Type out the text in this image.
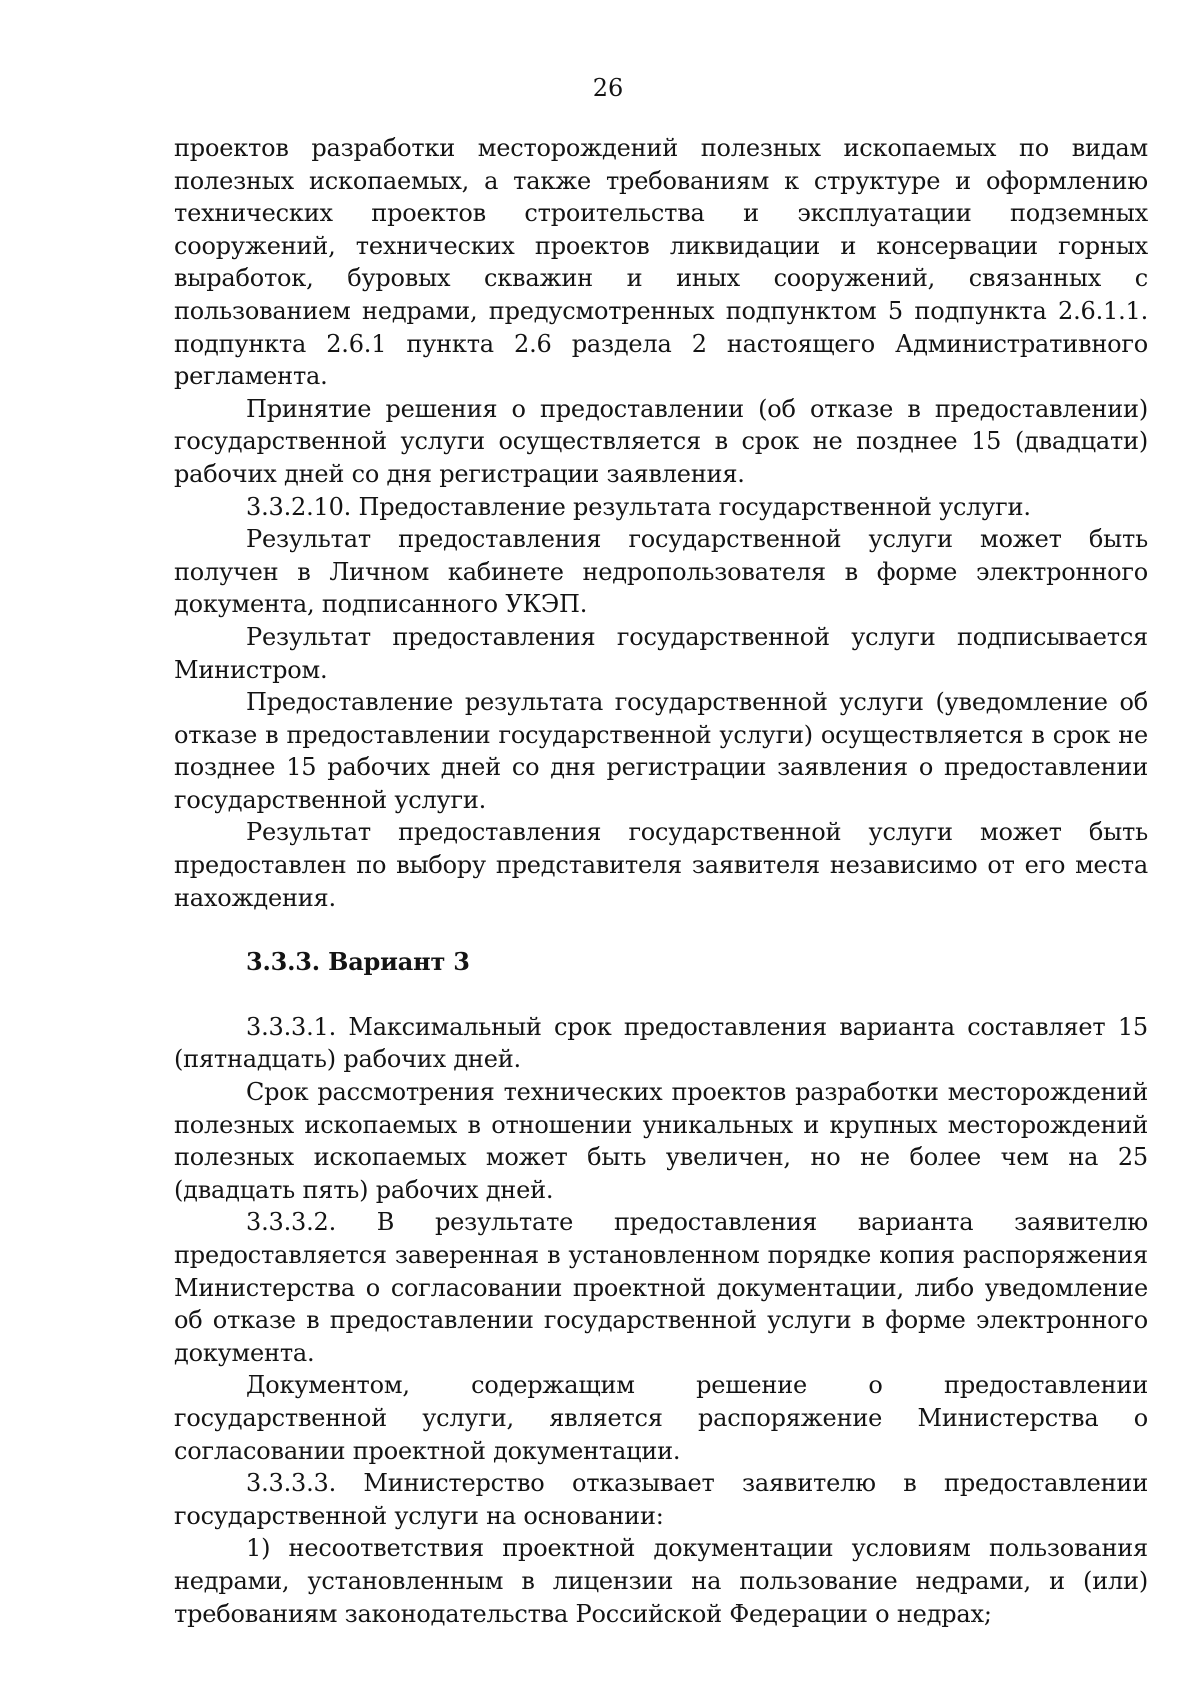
26

проектов разработки месторождений полезных ископаемых по видам полезных ископаемых, а также требованиям к структуре и оформлению технических проектов строительства и эксплуатации подземных сооружений, технических проектов ликвидации и консервации горных выработок, буровых скважин и иных сооружений, связанных с пользованием недрами, предусмотренных подпунктом 5 подпункта 2.6.1.1. подпункта 2.6.1 пункта 2.6 раздела 2 настоящего Административного регламента.

Принятие решения о предоставлении (об отказе в предоставлении) государственной услуги осуществляется в срок не позднее 15 (двадцати) рабочих дней со дня регистрации заявления.

3.3.2.10. Предоставление результата государственной услуги.

Результат предоставления государственной услуги может быть получен в Личном кабинете недропользователя в форме электронного документа, подписанного УКЭП.

Результат предоставления государственной услуги подписывается Министром.

Предоставление результата государственной услуги (уведомление об отказе в предоставлении государственной услуги) осуществляется в срок не позднее 15 рабочих дней со дня регистрации заявления о предоставлении государственной услуги.

Результат предоставления государственной услуги может быть предоставлен по выбору представителя заявителя независимо от его места нахождения.

3.3.3. Вариант 3

3.3.3.1. Максимальный срок предоставления варианта составляет 15 (пятнадцать) рабочих дней.

Срок рассмотрения технических проектов разработки месторождений полезных ископаемых в отношении уникальных и крупных месторождений полезных ископаемых может быть увеличен, но не более чем на 25 (двадцать пять) рабочих дней.

3.3.3.2. В результате предоставления варианта заявителю предоставляется заверенная в установленном порядке копия распоряжения Министерства о согласовании проектной документации, либо уведомление об отказе в предоставлении государственной услуги в форме электронного документа.

Документом, содержащим решение о предоставлении государственной услуги, является распоряжение Министерства о согласовании проектной документации.

3.3.3.3. Министерство отказывает заявителю в предоставлении государственной услуги на основании:

1) несоответствия проектной документации условиям пользования недрами, установленным в лицензии на пользование недрами, и (или) требованиям законодательства Российской Федерации о недрах;
